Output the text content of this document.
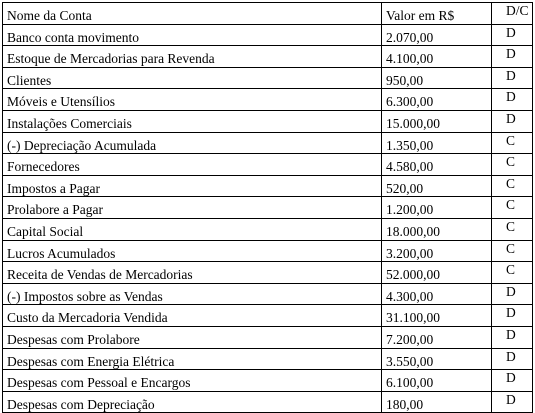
Nome da Conta	Valor em R$	D/C
Banco conta movimento	2.070,00	D
Estoque de Mercadorias para Revenda	4.100,00	D
Clientes	950,00	D
Móveis e Utensílios	6.300,00	D
Instalações Comerciais	15.000,00	D
(-) Depreciação Acumulada	1.350,00	C
Fornecedores	4.580,00	C
Impostos a Pagar	520,00	C
Prolabore a Pagar	1.200,00	C
Capital Social	18.000,00	C
Lucros Acumulados	3.200,00	C
Receita de Vendas de Mercadorias	52.000,00	C
(-) Impostos sobre as Vendas	4.300,00	D
Custo da Mercadoria Vendida	31.100,00	D
Despesas com Prolabore	7.200,00	D
Despesas com Energia Elétrica	3.550,00	D
Despesas com Pessoal e Encargos	6.100,00	D
Despesas com Depreciação	180,00	D
